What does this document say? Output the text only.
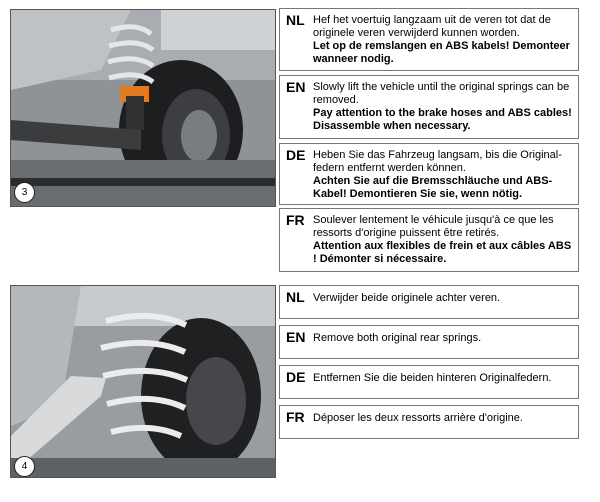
3
NL Hef het voertuig langzaam uit de veren tot dat de originele veren verwijderd kunnen worden.
Let op de remslangen en ABS kabels! Demonteer wanneer nodig.
EN Slowly lift the vehicle until the original springs can be removed.
Pay attention to the brake hoses and ABS cables! Disassemble when necessary.
DE Heben Sie das Fahrzeug langsam, bis die Original-federn entfernt werden können.
Achten Sie auf die Bremsschläuche und ABS-Kabel! Demontieren Sie sie, wenn nötig.
FR Soulever lentement le véhicule jusqu'à ce que les ressorts d'origine puissent être retirés.
Attention aux flexibles de frein et aux câbles ABS ! Démonter si nécessaire.
4
NL Verwijder beide originele achter veren.
EN Remove both original rear springs.
DE Entfernen Sie die beiden hinteren Originalfedern.
FR Déposer les deux ressorts arrière d'origine.
